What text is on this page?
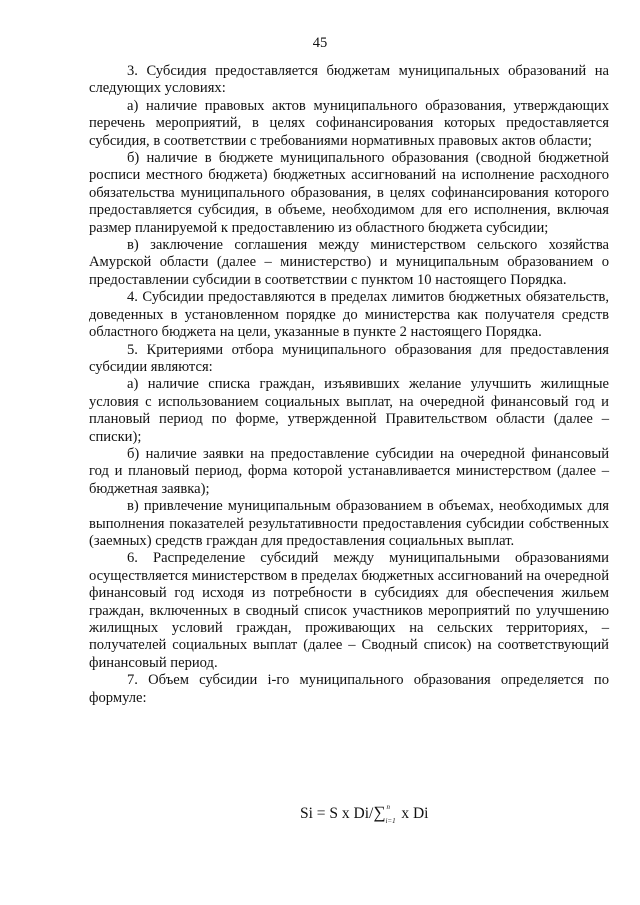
45

3. Субсидия предоставляется бюджетам муниципальных образований на следующих условиях:

а) наличие правовых актов муниципального образования, утверждающих перечень мероприятий, в целях софинансирования которых предоставляется субсидия, в соответствии с требованиями нормативных правовых актов области;

б) наличие в бюджете муниципального образования (сводной бюджетной росписи местного бюджета) бюджетных ассигнований на исполнение расходного обязательства муниципального образования, в целях софинансирования которого предоставляется субсидия, в объеме, необходимом для его исполнения, включая размер планируемой к предоставлению из областного бюджета субсидии;

в) заключение соглашения между министерством сельского хозяйства Амурской области (далее – министерство) и муниципальным образованием о предоставлении субсидии в соответствии с пунктом 10 настоящего Порядка.

4. Субсидии предоставляются в пределах лимитов бюджетных обязательств, доведенных в установленном порядке до министерства как получателя средств областного бюджета на цели, указанные в пункте 2 настоящего Порядка.

5. Критериями отбора муниципального образования для предоставления субсидии являются:

а) наличие списка граждан, изъявивших желание улучшить жилищные условия с использованием социальных выплат, на очередной финансовый год и плановый период по форме, утвержденной Правительством области (далее – списки);

б) наличие заявки на предоставление субсидии на очередной финансовый год и плановый период, форма которой устанавливается министерством (далее – бюджетная заявка);

в) привлечение муниципальным образованием в объемах, необходимых для выполнения показателей результативности предоставления субсидии собственных (заемных) средств граждан для предоставления социальных выплат.

6. Распределение субсидий между муниципальными образованиями осуществляется министерством в пределах бюджетных ассигнований на очередной финансовый год исходя из потребности в субсидиях для обеспечения жильем граждан, включенных в сводный список участников мероприятий по улучшению жилищных условий граждан, проживающих на сельских территориях, – получателей социальных выплат (далее – Сводный список) на соответствующий финансовый период.

7. Объем субсидии i-го муниципального образования определяется по формуле:

Si = S x Di/∑ n
i=1 x Di
